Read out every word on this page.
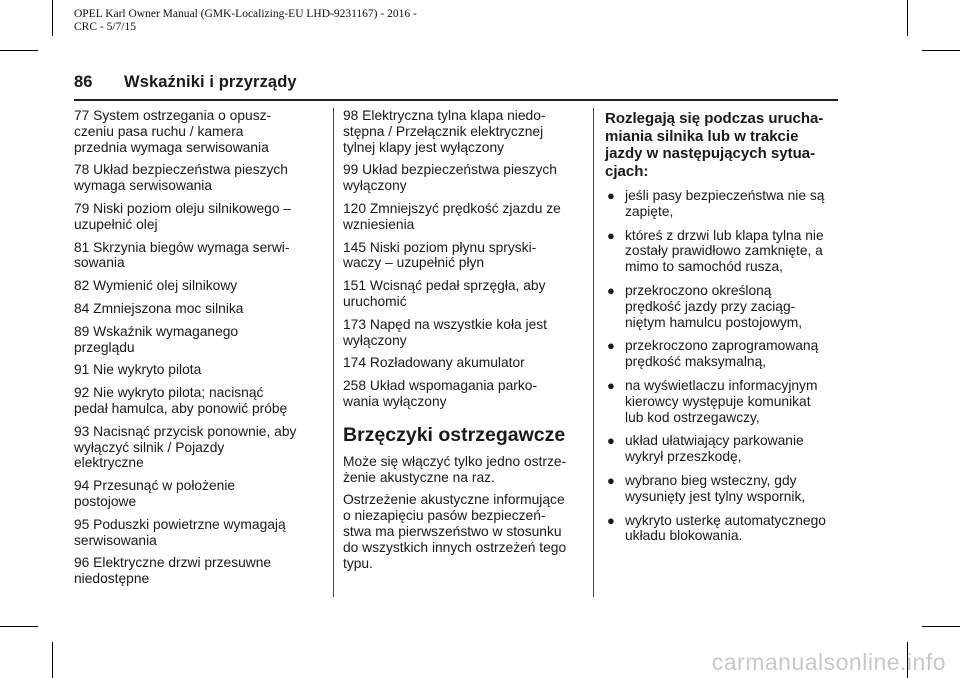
OPEL Karl Owner Manual (GMK-Localizing-EU LHD-9231167) - 2016 -
CRC - 5/7/15
86 Wskaźniki i przyrządy

77 System ostrzegania o opusz-
czeniu pasa ruchu / kamera
przednia wymaga serwisowania

78 Układ bezpieczeństwa pieszych
wymaga serwisowania

79 Niski poziom oleju silnikowego –
uzupełnić olej

81 Skrzynia biegów wymaga serwi-
sowania

82 Wymienić olej silnikowy

84 Zmniejszona moc silnika

89 Wskaźnik wymaganego
przeglądu

91 Nie wykryto pilota

92 Nie wykryto pilota; nacisnąć
pedał hamulca, aby ponowić próbę

93 Nacisnąć przycisk ponownie, aby
wyłączyć silnik / Pojazdy
elektryczne

94 Przesunąć w położenie
postojowe

95 Poduszki powietrzne wymagają
serwisowania

96 Elektryczne drzwi przesuwne
niedostępne

98 Elektryczna tylna klapa niedo-
stępna / Przełącznik elektrycznej
tylnej klapy jest wyłączony

99 Układ bezpieczeństwa pieszych
wyłączony

120 Zmniejszyć prędkość zjazdu ze
wzniesienia

145 Niski poziom płynu spryski-
waczy – uzupełnić płyn

151 Wcisnąć pedał sprzęgła, aby
uruchomić

173 Napęd na wszystkie koła jest
wyłączony

174 Rozładowany akumulator

258 Układ wspomagania parko-
wania wyłączony

Brzęczyki ostrzegawcze

Może się włączyć tylko jedno ostrze-
żenie akustyczne na raz.

Ostrzeżenie akustyczne informujące
o niezapięciu pasów bezpieczeń-
stwa ma pierwszeństwo w stosunku
do wszystkich innych ostrzeżeń tego
typu.

Rozlegają się podczas urucha-
miania silnika lub w trakcie
jazdy w następujących sytua-
cjach:
● jeśli pasy bezpieczeństwa nie są
zapięte,
● któreś z drzwi lub klapa tylna nie
zostały prawidłowo zamknięte, a
mimo to samochód rusza,
● przekroczono określoną
prędkość jazdy przy zaciąg-
niętym hamulcu postojowym,
● przekroczono zaprogramowaną
prędkość maksymalną,
● na wyświetlaczu informacyjnym
kierowcy występuje komunikat
lub kod ostrzegawczy,
● układ ułatwiający parkowanie
wykrył przeszkodę,
● wybrano bieg wsteczny, gdy
wysunięty jest tylny wspornik,
● wykryto usterkę automatycznego
układu blokowania.
carmanualsonline.info
